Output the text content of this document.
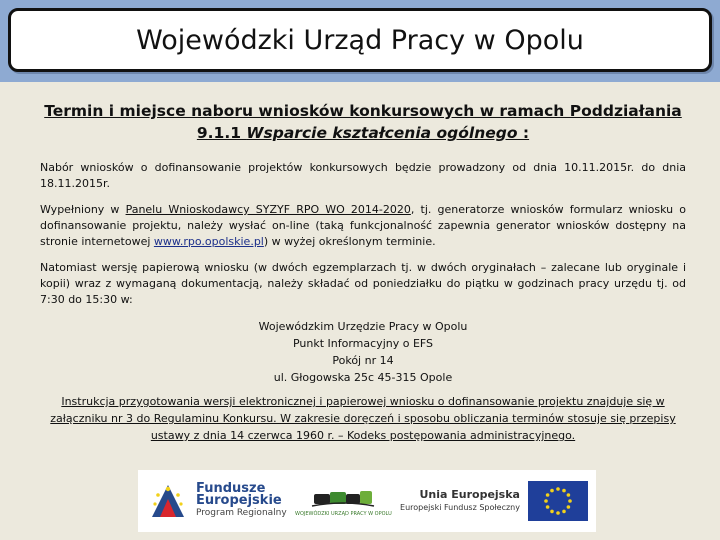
Wojewódzki Urząd Pracy w Opolu
Termin i miejsce naboru wniosków konkursowych w ramach Poddziałania
9.1.1 Wsparcie kształcenia ogólnego :

Nabór wniosków o dofinansowanie projektów konkursowych będzie prowadzony od dnia 10.11.2015r. do dnia 18.11.2015r.

Wypełniony w Panelu Wnioskodawcy SYZYF RPO WO 2014-2020, tj. generatorze wniosków formularz wniosku o dofinansowanie projektu, należy wysłać on-line (taką funkcjonalność zapewnia generator wniosków dostępny na stronie internetowej www.rpo.opolskie.pl) w wyżej określonym terminie.

Natomiast wersję papierową wniosku (w dwóch egzemplarzach tj. w dwóch oryginałach – zalecane lub oryginale i kopii) wraz z wymaganą dokumentacją, należy składać od poniedziałku do piątku w godzinach pracy urzędu tj. od 7:30 do 15:30 w:

Wojewódzkim Urzędzie Pracy w Opolu
Punkt Informacyjny o EFS
Pokój nr 14
ul. Głogowska 25c 45-315 Opole
Instrukcja przygotowania wersji elektronicznej i papierowej wniosku o dofinansowanie projektu znajduje się w załączniku nr 3 do Regulaminu Konkursu. W zakresie doręczeń i sposobu obliczania terminów stosuje się przepisy ustawy z dnia 14 czerwca 1960 r. – Kodeks postępowania administracyjnego.
Fundusze
Europejskie
Program Regionalny WOJEWÓDZKI URZĄD PRACY W OPOLU
Unia Europejska
Europejski Fundusz Społeczny
